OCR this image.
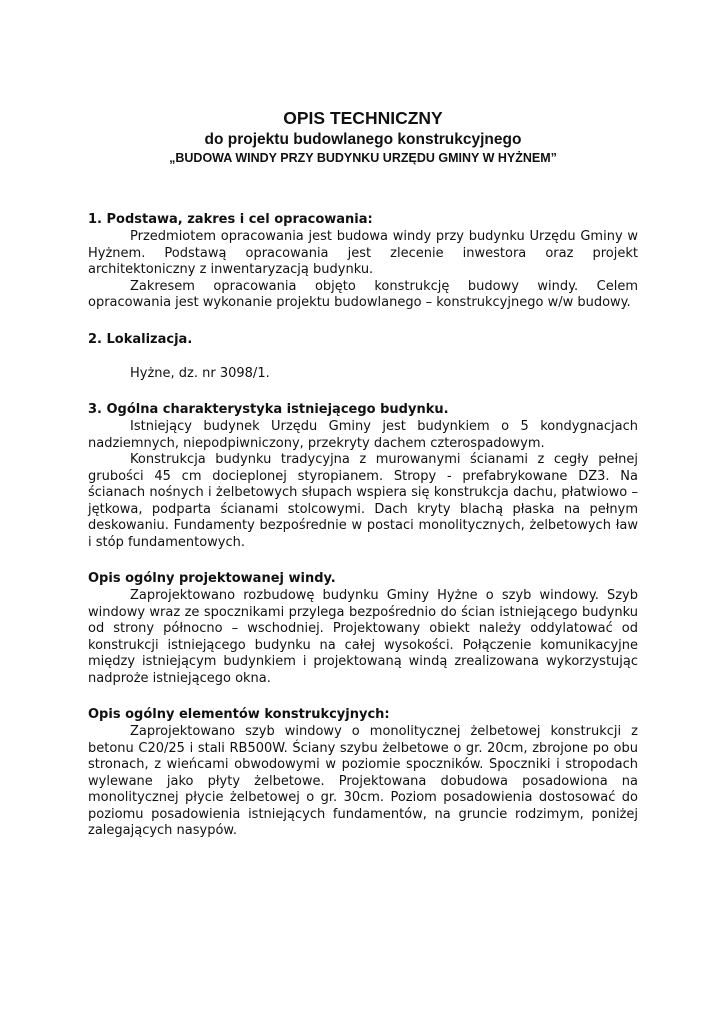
OPIS TECHNICZNY

do projektu budowlanego konstrukcyjnego

„BUDOWA WINDY PRZY BUDYNKU URZĘDU GMINY W HYŻNEM”

1. Podstawa, zakres i cel opracowania:

Przedmiotem opracowania jest budowa windy przy budynku Urzędu Gminy w Hyżnem. Podstawą opracowania jest zlecenie inwestora oraz projekt architektoniczny z inwentaryzacją budynku.

Zakresem opracowania objęto konstrukcję budowy windy. Celem opracowania jest wykonanie projektu budowlanego – konstrukcyjnego w/w budowy.

2. Lokalizacja.

Hyżne, dz. nr 3098/1.

3. Ogólna charakterystyka istniejącego budynku.

Istniejący budynek Urzędu Gminy jest budynkiem o 5 kondygnacjach nadziemnych, niepodpiwniczony, przekryty dachem czterospadowym.

Konstrukcja budynku tradycyjna z murowanymi ścianami z cegły pełnej grubości 45 cm docieplonej styropianem. Stropy - prefabrykowane DZ3. Na ścianach nośnych i żelbetowych słupach wspiera się konstrukcja dachu, płatwiowo – jętkowa, podparta ścianami stolcowymi. Dach kryty blachą płaska na pełnym deskowaniu. Fundamenty bezpośrednie w postaci monolitycznych, żelbetowych ław i stóp fundamentowych.

Opis ogólny projektowanej windy.

Zaprojektowano rozbudowę budynku Gminy Hyżne o szyb windowy. Szyb windowy wraz ze spocznikami przylega bezpośrednio do ścian istniejącego budynku od strony północno – wschodniej. Projektowany obiekt należy oddylatować od konstrukcji istniejącego budynku na całej wysokości. Połączenie komunikacyjne między istniejącym budynkiem i projektowaną windą zrealizowana wykorzystując nadproże istniejącego okna.

Opis ogólny elementów konstrukcyjnych:

Zaprojektowano szyb windowy o monolitycznej żelbetowej konstrukcji z betonu C20/25 i stali RB500W. Ściany szybu żelbetowe o gr. 20cm, zbrojone po obu stronach, z wieńcami obwodowymi w poziomie spoczników. Spoczniki i stropodach wylewane jako płyty żelbetowe. Projektowana dobudowa posadowiona na monolitycznej płycie żelbetowej o gr. 30cm. Poziom posadowienia dostosować do poziomu posadowienia istniejących fundamentów, na gruncie rodzimym, poniżej zalegających nasypów.
